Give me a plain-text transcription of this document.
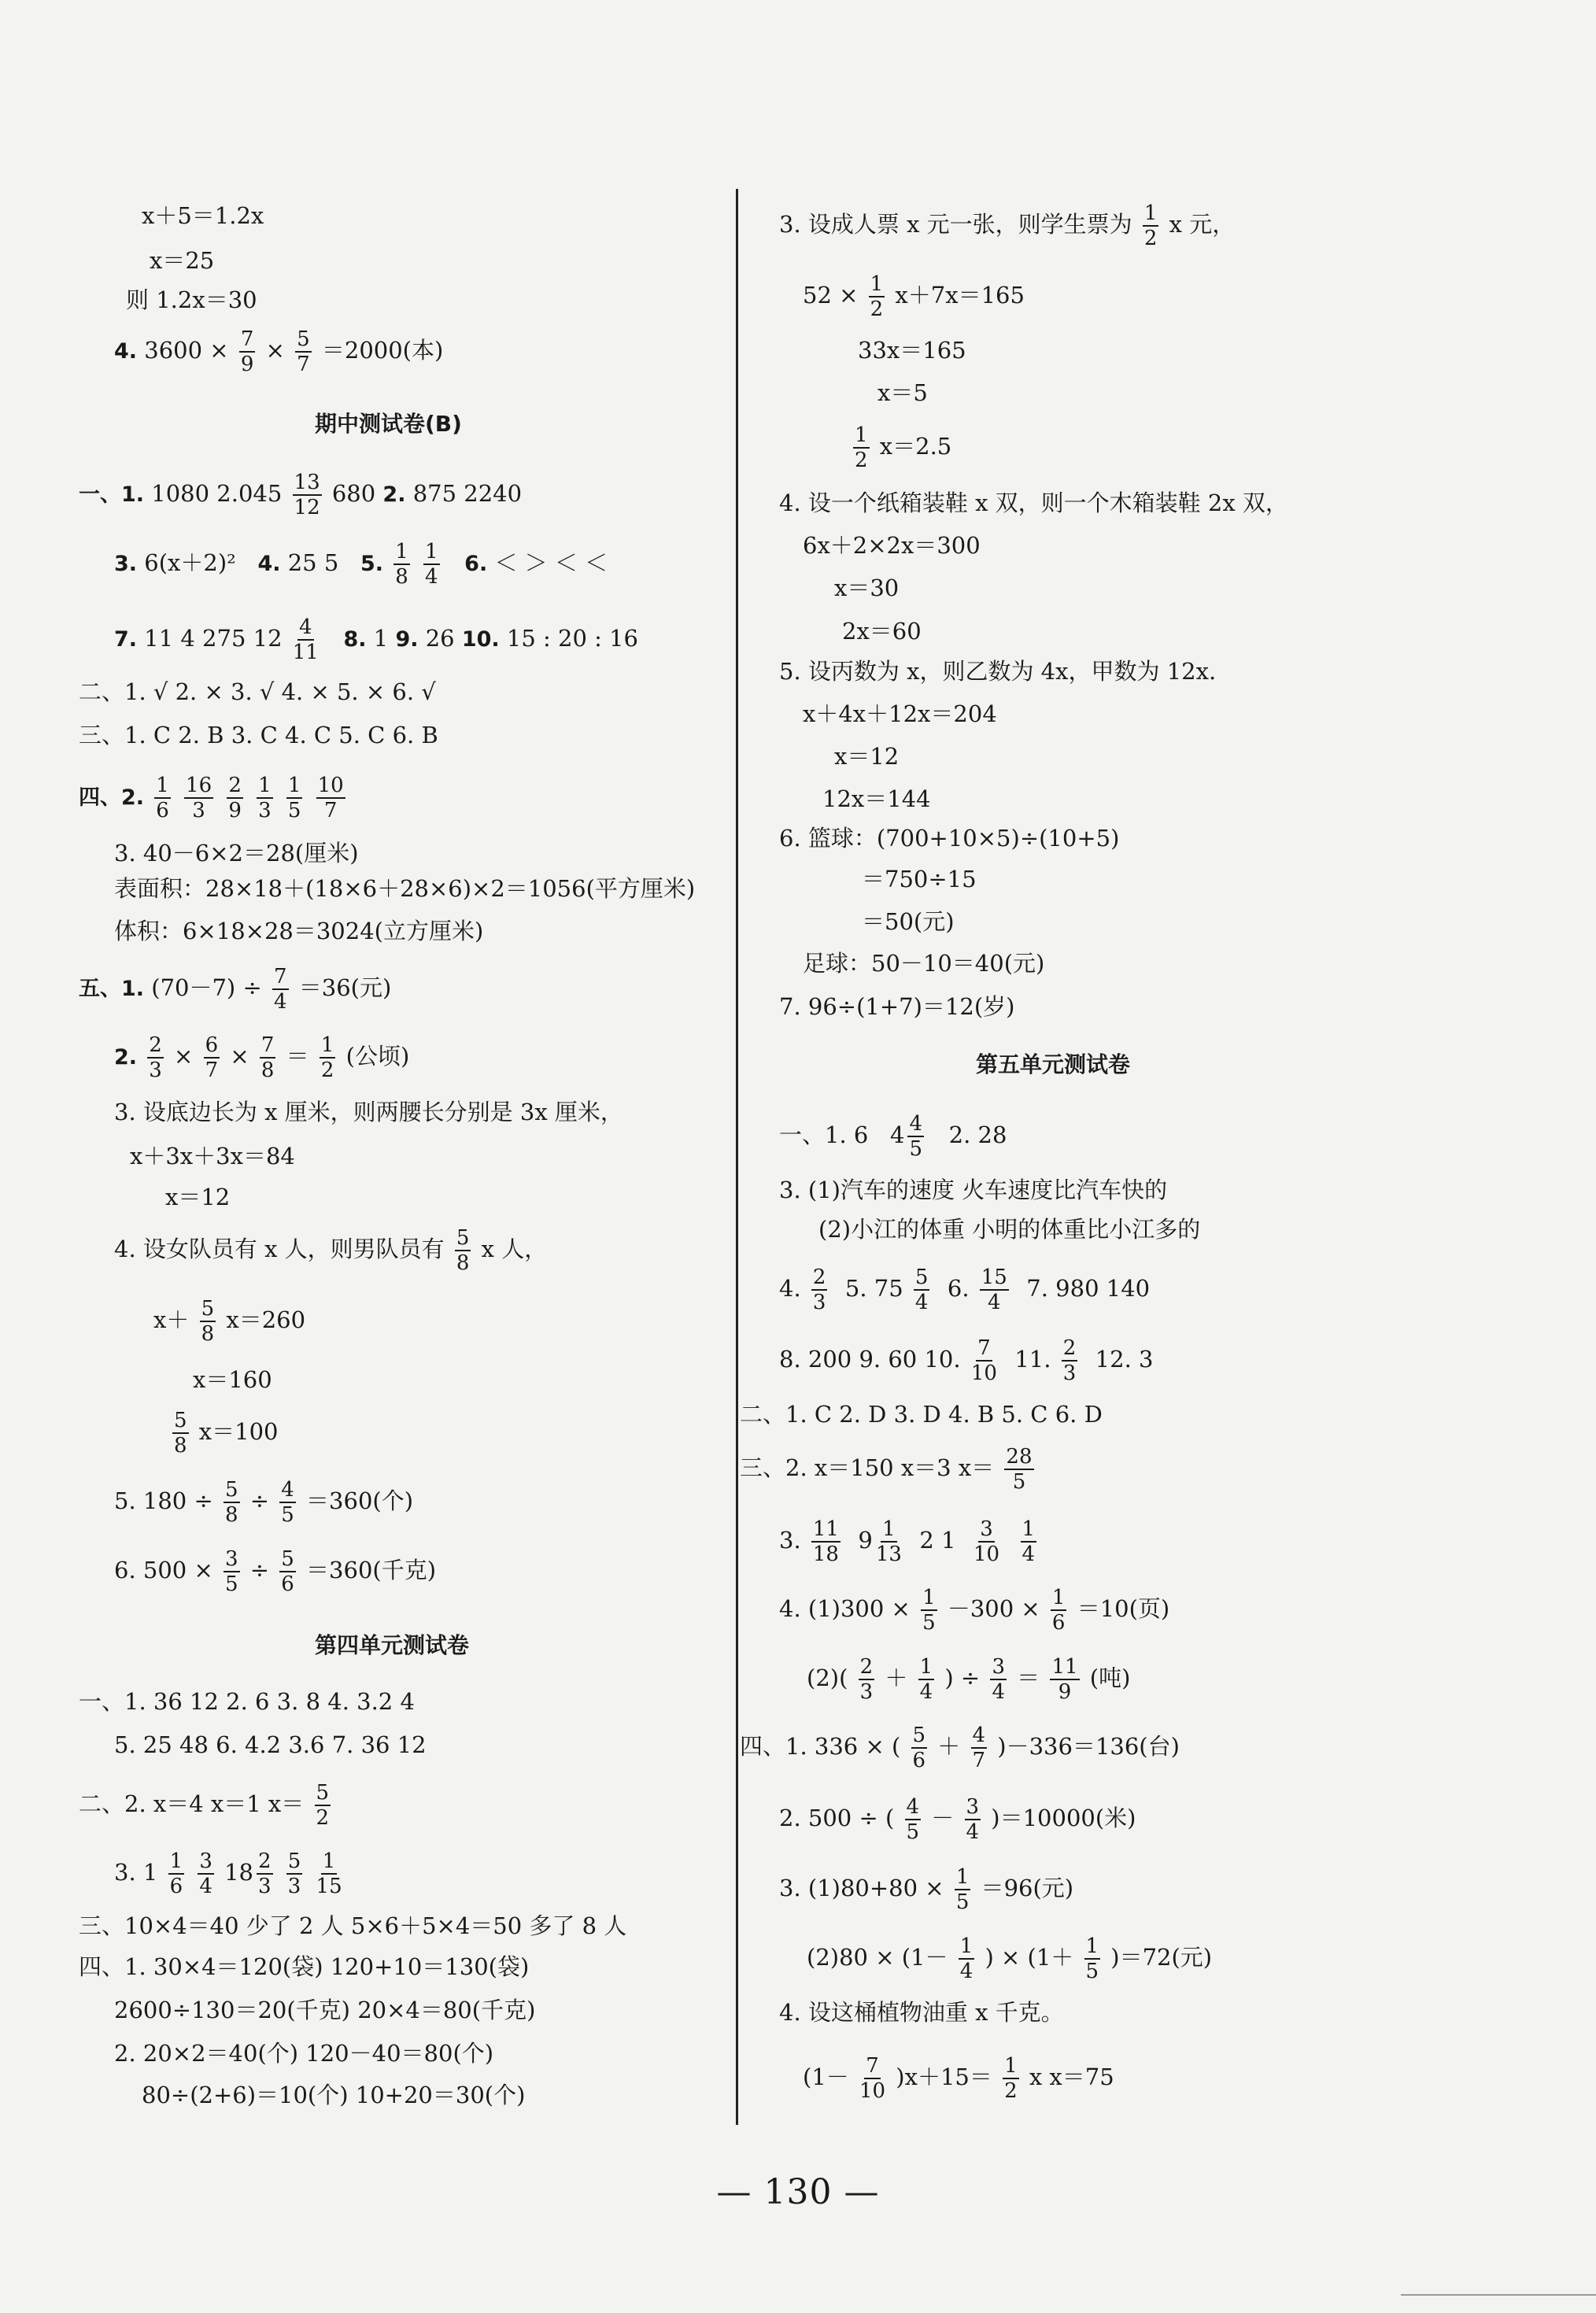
x＋5＝1.2x
x＝25
则 1.2x＝30
4. $3600 \times \frac{7}{9} \times \frac{5}{7} =2000$(本)
期中测试卷(B)
一、1. 1080 $2.045 \frac{13}{12} 680$ 2. 875 2240
3. 6(x＋2)² 4. 25 5 5. $\frac{1}{8}$
$\frac{1}{4} 6$. ＜ ＞ ＜ ＜
7. 11 4 275 $12 \frac{4}{11} 8$. 1 9. 26 10. 15 : 20 : 16
二、1. √ 2. × 3. √ 4. × 5. × 6. √
三、1. C 2. B 3. C 4. C 5. C 6. B
四、2. $\frac{1}{6}$
$\frac{16}{3}$
$\frac{2}{9}$
$\frac{1}{3}$
$\frac{1}{5}$
$\frac{10}{7}$
3. 40－6×2＝28(厘米)
表面积：28×18＋(18×6＋28×6)×2＝1056(平方厘米)
体积：6×18×28＝3024(立方厘米)
五、1. $(70-7) \div \frac{7}{4} =36$(元)
2. $\frac{2}{3} \times \frac{6}{7} \times \frac{7}{8} = \frac{1}{2}$ (公顷)
3. 设底边长为 x 厘米，则两腰长分别是 3x 厘米，
x＋3x＋3x＝84
x＝12
4. 设女队员有 x 人，则男队员有 $\frac{5}{8}$ x 人，
$x+ \frac{5}{8} x=260$
x＝160
$\frac{5}{8} x=100$
5. $180 \div \frac{5}{8} \div \frac{4}{5} =360$(个)
6. $500 \times \frac{3}{5} \div \frac{5}{6} =360$(千克)
第四单元测试卷
一、1. 36 12 2. 6 3. 8 4. 3.2 4
5. 25 48 6. 4.2 3.6 7. 36 12
二、2. x＝4 x＝1 $x= \frac{5}{2}$
3. $1 \frac{1}{6}$
$\frac{3}{4} 18 \frac{2}{3}$
$\frac{5}{3}$
$\frac{1}{15}$
三、10×4＝40 少了 2 人 5×6＋5×4＝50 多了 8 人
四、1. 30×4＝120(袋) 120+10＝130(袋)
2600÷130＝20(千克) 20×4＝80(千克)
2. 20×2＝40(个) 120－40＝80(个)
80÷(2+6)＝10(个) 10+20＝30(个)
3. 设成人票 x 元一张，则学生票为 $\frac{1}{2}$ x 元，
$52 \times \frac{1}{2} x+7x=165$
33x＝165
x＝5
$\frac{1}{2} x=2.5$
4. 设一个纸箱装鞋 x 双，则一个木箱装鞋 2x 双，
6x＋2×2x＝300
x＝30
2x＝60
5. 设丙数为 x，则乙数为 4x，甲数为 12x.
x＋4x＋12x＝204
x＝12
12x＝144
6. 篮球：(700+10×5)÷(10+5)
＝750÷15
＝50(元)
足球：50－10＝40(元)
7. 96÷(1+7)＝12(岁)
第五单元测试卷
一、1. 6 $4 \frac{4}{5} 2$. 28
3. (1)汽车的速度 火车速度比汽车快的
(2)小江的体重 小明的体重比小江多的
4. $\frac{2}{3} 5$. $75 \frac{5}{4} 6$. $\frac{15}{4} 7$. 980 140
8. 200 9. 60 10. $\frac{7}{10} 11$. $\frac{2}{3} 12$. 3
二、1. C 2. D 3. D 4. B 5. C 6. D
三、2. x＝150 x＝3 $x= \frac{28}{5}$
3. $\frac{11}{18} 9 \frac{1}{13} 2$ $1 \frac{3}{10}$
$\frac{1}{4}$
4. $(1)300 \times \frac{1}{5} -300 \times \frac{1}{6} =10$(页)
$(2)( \frac{2}{3} + \frac{1}{4}$ ) ÷ $\frac{3}{4} = \frac{11}{9}$ (吨)
四、1. 336 × ( $\frac{5}{6} + \frac{4}{7} )-336=136$(台)
2. 500 ÷ ( $\frac{4}{5} - \frac{3}{4} )=10000$(米)
3. $(1)80+80 \times \frac{1}{5} =96$(元)
$(2)80 \times (1- \frac{1}{4}$ ) × $(1+ \frac{1}{5} )=72$(元)
4. 设这桶植物油重 x 千克。
$(1- \frac{7}{10} )x+15= \frac{1}{2}$ x x＝75
— 130 —
